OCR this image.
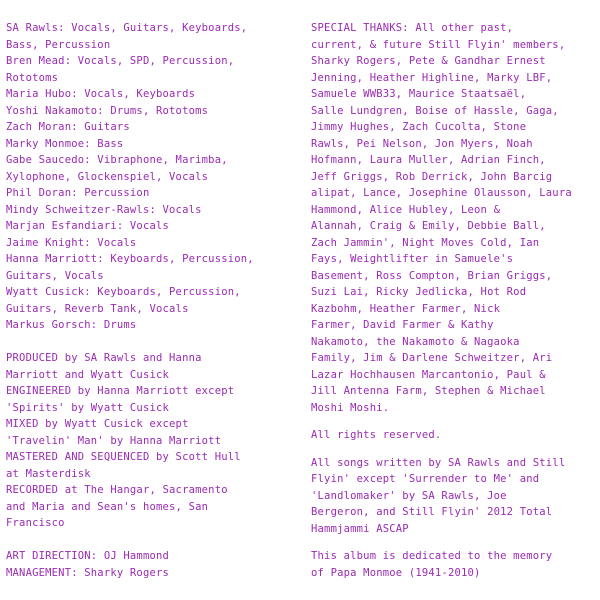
SA Rawls: Vocals, Guitars, Keyboards,
Bass, Percussion
Bren Mead: Vocals, SPD, Percussion,
Rototoms
Maria Hubo: Vocals, Keyboards
Yoshi Nakamoto: Drums, Rototoms
Zach Moran: Guitars
Marky Monmoe: Bass
Gabe Saucedo: Vibraphone, Marimba,
Xylophone, Glockenspiel, Vocals
Phil Doran: Percussion
Mindy Schweitzer-Rawls: Vocals
Marjan Esfandiari: Vocals
Jaime Knight: Vocals
Hanna Marriott: Keyboards, Percussion,
Guitars, Vocals
Wyatt Cusick: Keyboards, Percussion,
Guitars, Reverb Tank, Vocals
Markus Gorsch: Drums
PRODUCED by SA Rawls and Hanna
Marriott and Wyatt Cusick
ENGINEERED by Hanna Marriott except
'Spirits' by Wyatt Cusick
MIXED by Wyatt Cusick except
'Travelin' Man' by Hanna Marriott
MASTERED AND SEQUENCED by Scott Hull
at Masterdisk
RECORDED at The Hangar, Sacramento
and Maria and Sean's homes, San
Francisco
ART DIRECTION: OJ Hammond
MANAGEMENT: Sharky Rogers
SPECIAL THANKS: All other past,
current, & future Still Flyin' members,
Sharky Rogers, Pete & Gandhar Ernest
Jenning, Heather Highline, Marky LBF,
Samuele WWB33, Maurice Staatsaël,
Salle Lundgren, Boise of Hassle, Gaga,
Jimmy Hughes, Zach Cucolta, Stone
Rawls, Pei Nelson, Jon Myers, Noah
Hofmann, Laura Muller, Adrian Finch,
Jeff Griggs, Rob Derrick, John Barcig
alipat, Lance, Josephine Olausson, Laura
Hammond, Alice Hubley, Leon &
Alannah, Craig & Emily, Debbie Ball,
Zach Jammin', Night Moves Cold, Ian
Fays, Weightlifter in Samuele's
Basement, Ross Compton, Brian Griggs,
Suzi Lai, Ricky Jedlicka, Hot Rod
Kazbohm, Heather Farmer, Nick
Farmer, David Farmer & Kathy
Nakamoto, the Nakamoto & Nagaoka
Family, Jim & Darlene Schweitzer, Ari
Lazar Hochhausen Marcantonio, Paul &
Jill Antenna Farm, Stephen & Michael
Moshi Moshi.
All rights reserved.
All songs written by SA Rawls and Still
Flyin' except 'Surrender to Me' and
'Landlomaker' by SA Rawls, Joe
Bergeron, and Still Flyin' 2012 Total
Hammjammi ASCAP
This album is dedicated to the memory
of Papa Monmoe (1941-2010)
